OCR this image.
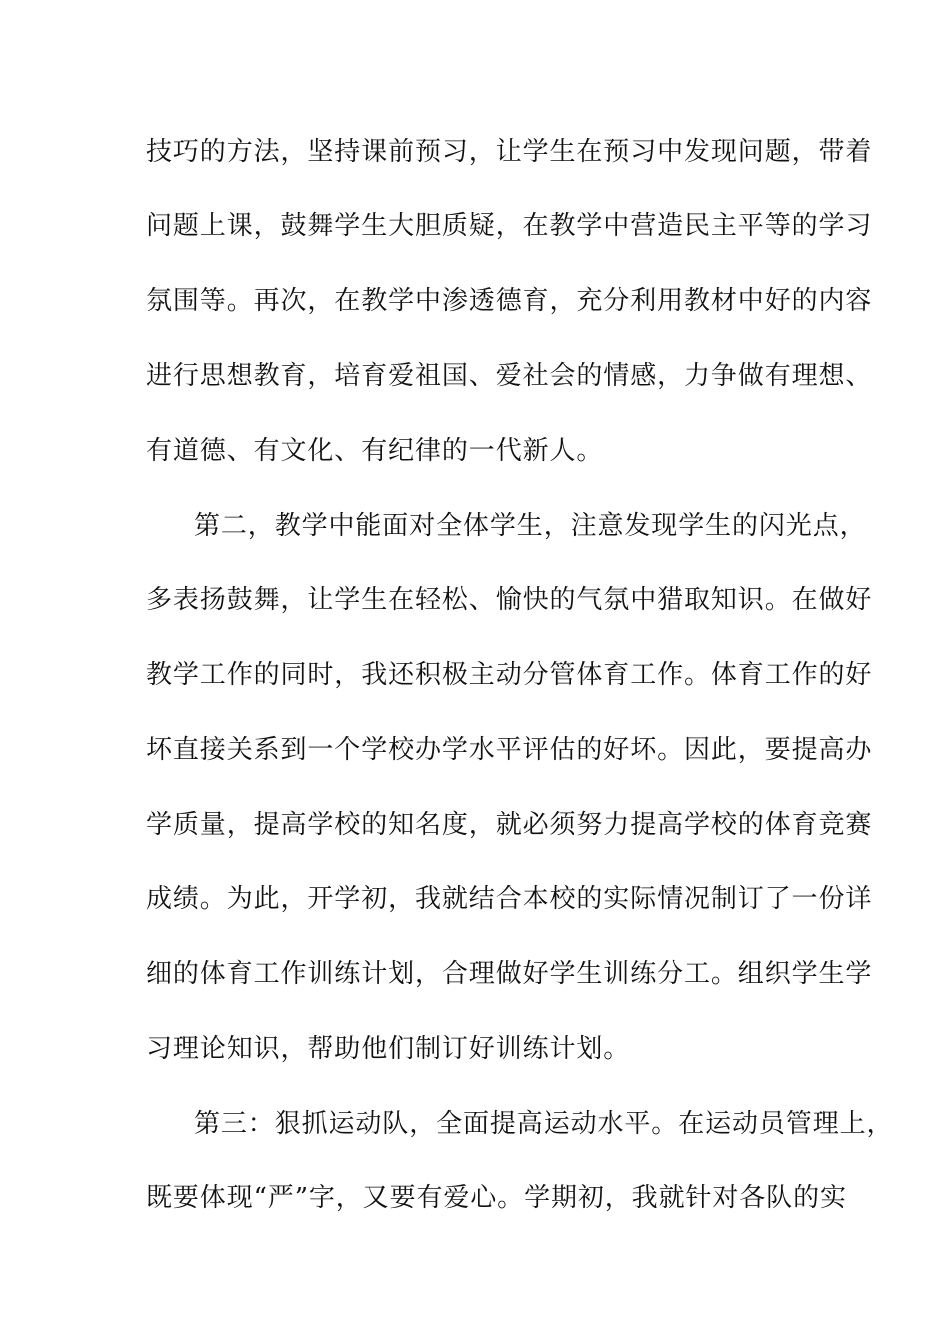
技巧的方法，坚持课前预习，让学生在预习中发现问题，带着
问题上课，鼓舞学生大胆质疑，在教学中营造民主平等的学习
氛围等。再次，在教学中渗透德育，充分利用教材中好的内容
进行思想教育，培育爱祖国、爱社会的情感，力争做有理想、
有道德、有文化、有纪律的一代新人。
第二，教学中能面对全体学生，注意发现学生的闪光点，
多表扬鼓舞，让学生在轻松、愉快的气氛中猎取知识。在做好
教学工作的同时，我还积极主动分管体育工作。体育工作的好
坏直接关系到一个学校办学水平评估的好坏。因此，要提高办
学质量，提高学校的知名度，就必须努力提高学校的体育竞赛
成绩。为此，开学初，我就结合本校的实际情况制订了一份详
细的体育工作训练计划，合理做好学生训练分工。组织学生学
习理论知识，帮助他们制订好训练计划。
第三：狠抓运动队，全面提高运动水平。在运动员管理上，
既要体现“严”字，又要有爱心。学期初，我就针对各队的实
